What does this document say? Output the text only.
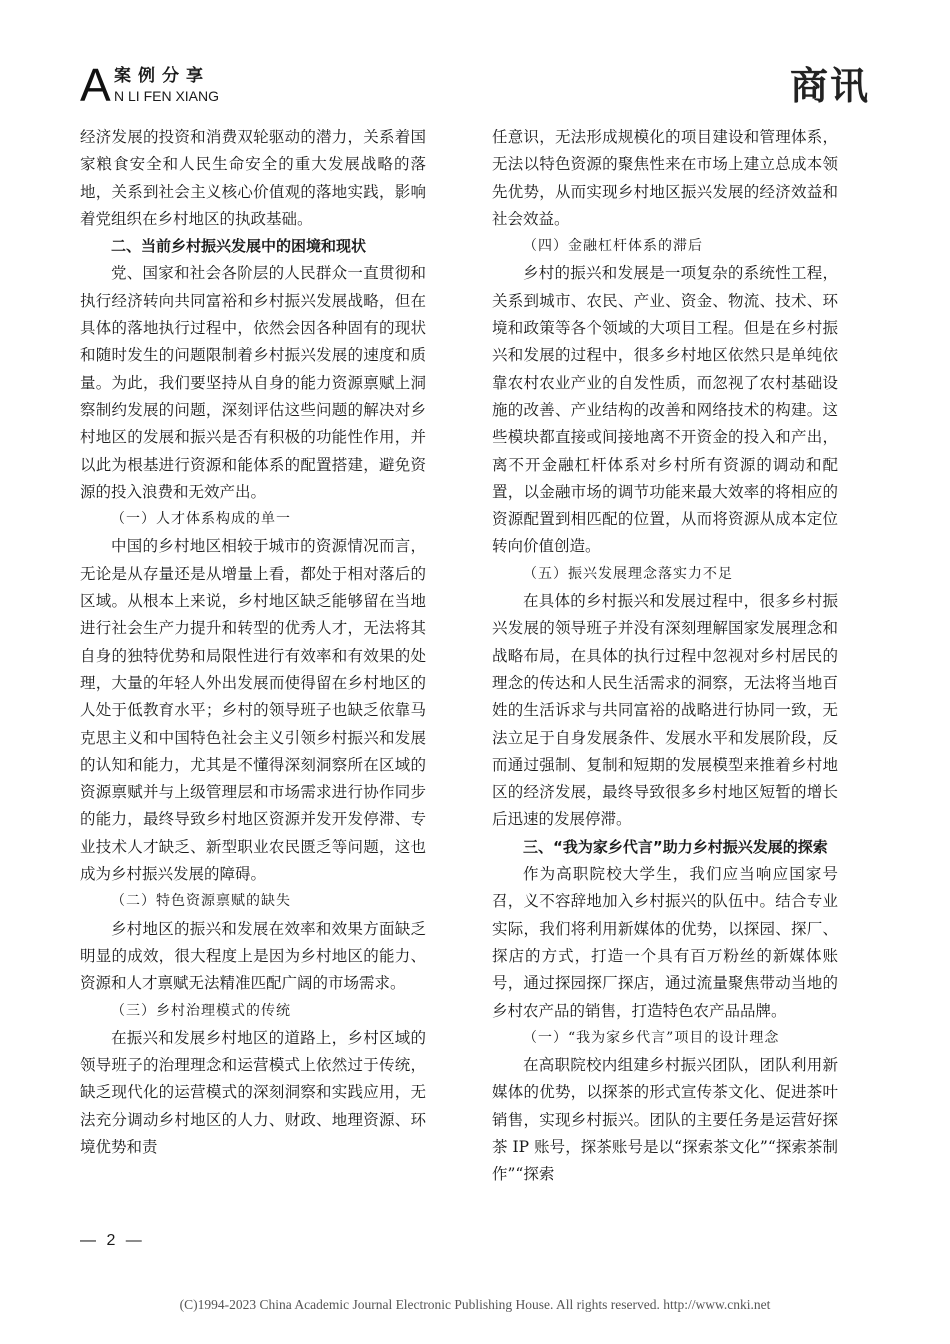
A 案例分享
N LI FEN XIANG	商讯

经济发展的投资和消费双轮驱动的潜力，关系着国家粮食安全和人民生命安全的重大发展战略的落地，关系到社会主义核心价值观的落地实践，影响着党组织在乡村地区的执政基础。

二、当前乡村振兴发展中的困境和现状

党、国家和社会各阶层的人民群众一直贯彻和执行经济转向共同富裕和乡村振兴发展战略，但在具体的落地执行过程中，依然会因各种固有的现状和随时发生的问题限制着乡村振兴发展的速度和质量。为此，我们要坚持从自身的能力资源禀赋上洞察制约发展的问题，深刻评估这些问题的解决对乡村地区的发展和振兴是否有积极的功能性作用，并以此为根基进行资源和能体系的配置搭建，避免资源的投入浪费和无效产出。

（一）人才体系构成的单一

中国的乡村地区相较于城市的资源情况而言，无论是从存量还是从增量上看，都处于相对落后的区域。从根本上来说，乡村地区缺乏能够留在当地进行社会生产力提升和转型的优秀人才，无法将其自身的独特优势和局限性进行有效率和有效果的处理，大量的年轻人外出发展而使得留在乡村地区的人处于低教育水平；乡村的领导班子也缺乏依靠马克思主义和中国特色社会主义引领乡村振兴和发展的认知和能力，尤其是不懂得深刻洞察所在区域的资源禀赋并与上级管理层和市场需求进行协作同步的能力，最终导致乡村地区资源并发开发停滞、专业技术人才缺乏、新型职业农民匮乏等问题，这也成为乡村振兴发展的障碍。

（二）特色资源禀赋的缺失

乡村地区的振兴和发展在效率和效果方面缺乏明显的成效，很大程度上是因为乡村地区的能力、资源和人才禀赋无法精准匹配广阔的市场需求。

（三）乡村治理模式的传统

在振兴和发展乡村地区的道路上，乡村区域的领导班子的治理理念和运营模式上依然过于传统，缺乏现代化的运营模式的深刻洞察和实践应用，无法充分调动乡村地区的人力、财政、地理资源、环境优势和责

任意识，无法形成规模化的项目建设和管理体系，无法以特色资源的聚焦性来在市场上建立总成本领先优势，从而实现乡村地区振兴发展的经济效益和社会效益。

（四）金融杠杆体系的滞后

乡村的振兴和发展是一项复杂的系统性工程，关系到城市、农民、产业、资金、物流、技术、环境和政策等各个领域的大项目工程。但是在乡村振兴和发展的过程中，很多乡村地区依然只是单纯依靠农村农业产业的自发性质，而忽视了农村基础设施的改善、产业结构的改善和网络技术的构建。这些模块都直接或间接地离不开资金的投入和产出，离不开金融杠杆体系对乡村所有资源的调动和配置，以金融市场的调节功能来最大效率的将相应的资源配置到相匹配的位置，从而将资源从成本定位转向价值创造。

（五）振兴发展理念落实力不足

在具体的乡村振兴和发展过程中，很多乡村振兴发展的领导班子并没有深刻理解国家发展理念和战略布局，在具体的执行过程中忽视对乡村居民的理念的传达和人民生活需求的洞察，无法将当地百姓的生活诉求与共同富裕的战略进行协同一致，无法立足于自身发展条件、发展水平和发展阶段，反而通过强制、复制和短期的发展模型来推着乡村地区的经济发展，最终导致很多乡村地区短暂的增长后迅速的发展停滞。

三、“我为家乡代言”助力乡村振兴发展的探索

作为高职院校大学生，我们应当响应国家号召，义不容辞地加入乡村振兴的队伍中。结合专业实际，我们将利用新媒体的优势，以探园、探厂、探店的方式，打造一个具有百万粉丝的新媒体账号，通过探园探厂探店，通过流量聚焦带动当地的乡村农产品的销售，打造特色农产品品牌。

（一）“我为家乡代言”项目的设计理念

在高职院校内组建乡村振兴团队，团队利用新媒体的优势，以探茶的形式宣传茶文化、促进茶叶销售，实现乡村振兴。团队的主要任务是运营好探茶 IP 账号，探茶账号是以“探索茶文化”“探索茶制作”“探索

— 2 —
(C)1994-2023 China Academic Journal Electronic Publishing House. All rights reserved. http://www.cnki.net
